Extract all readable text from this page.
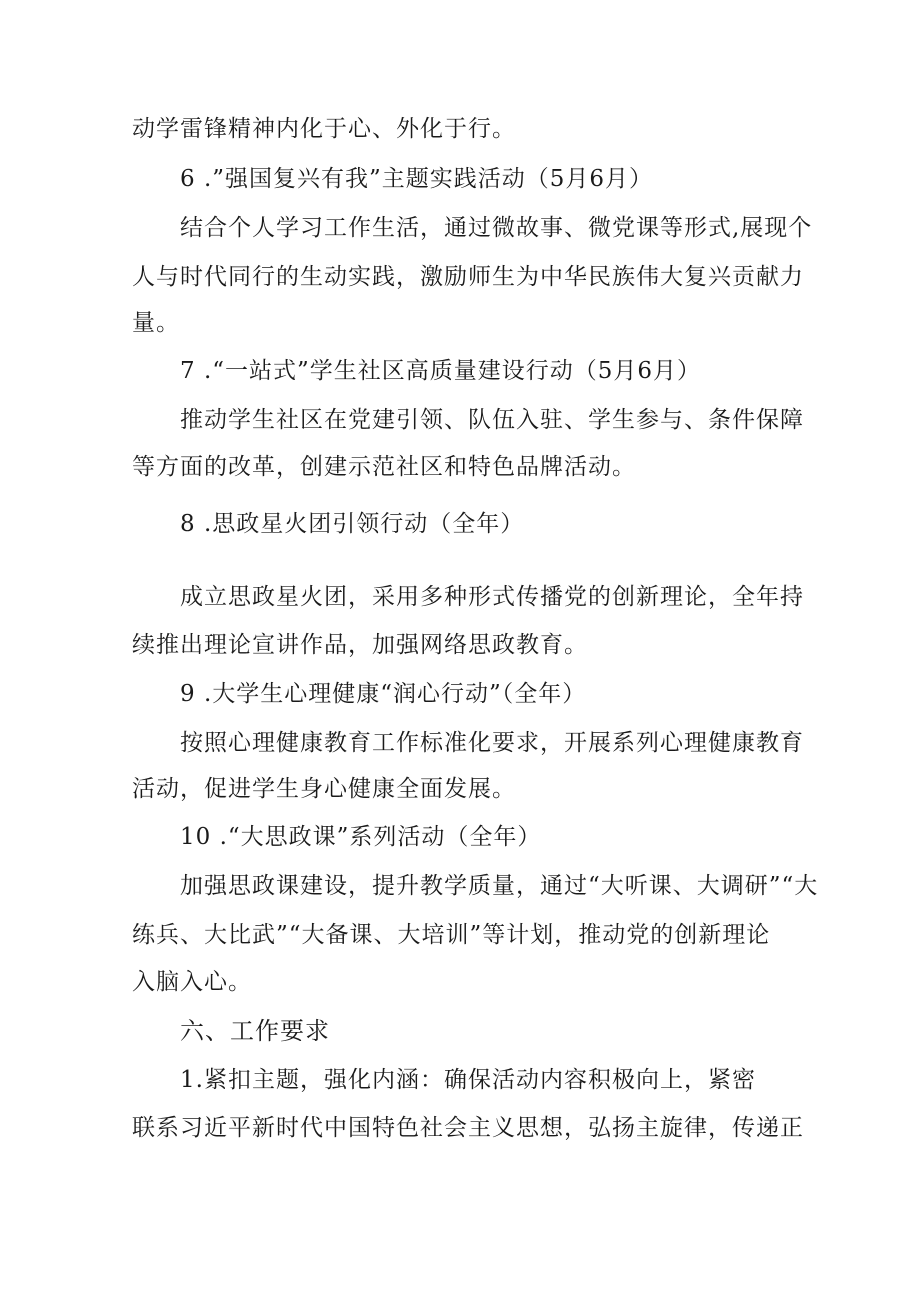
动学雷锋精神内化于心、外化于行。
6 .”强国复兴有我”主题实践活动（5月6月）
结合个人学习工作生活，通过微故事、微党课等形式,展现个
人与时代同行的生动实践，激励师生为中华民族伟大复兴贡献力
量。
7 .“一站式”学生社区高质量建设行动（5月6月）
推动学生社区在党建引领、队伍入驻、学生参与、条件保障
等方面的改革，创建示范社区和特色品牌活动。
8 .思政星火团引领行动（全年）
成立思政星火团，采用多种形式传播党的创新理论，全年持
续推出理论宣讲作品，加强网络思政教育。
9 .大学生心理健康“润心行动”（全年）
按照心理健康教育工作标准化要求，开展系列心理健康教育
活动，促进学生身心健康全面发展。
10 .“大思政课”系列活动（全年）
加强思政课建设，提升教学质量，通过“大听课、大调研”“大
练兵、大比武”“大备课、大培训”等计划，推动党的创新理论
入脑入心。
六、工作要求
1.紧扣主题，强化内涵：确保活动内容积极向上，紧密
联系习近平新时代中国特色社会主义思想，弘扬主旋律，传递正
